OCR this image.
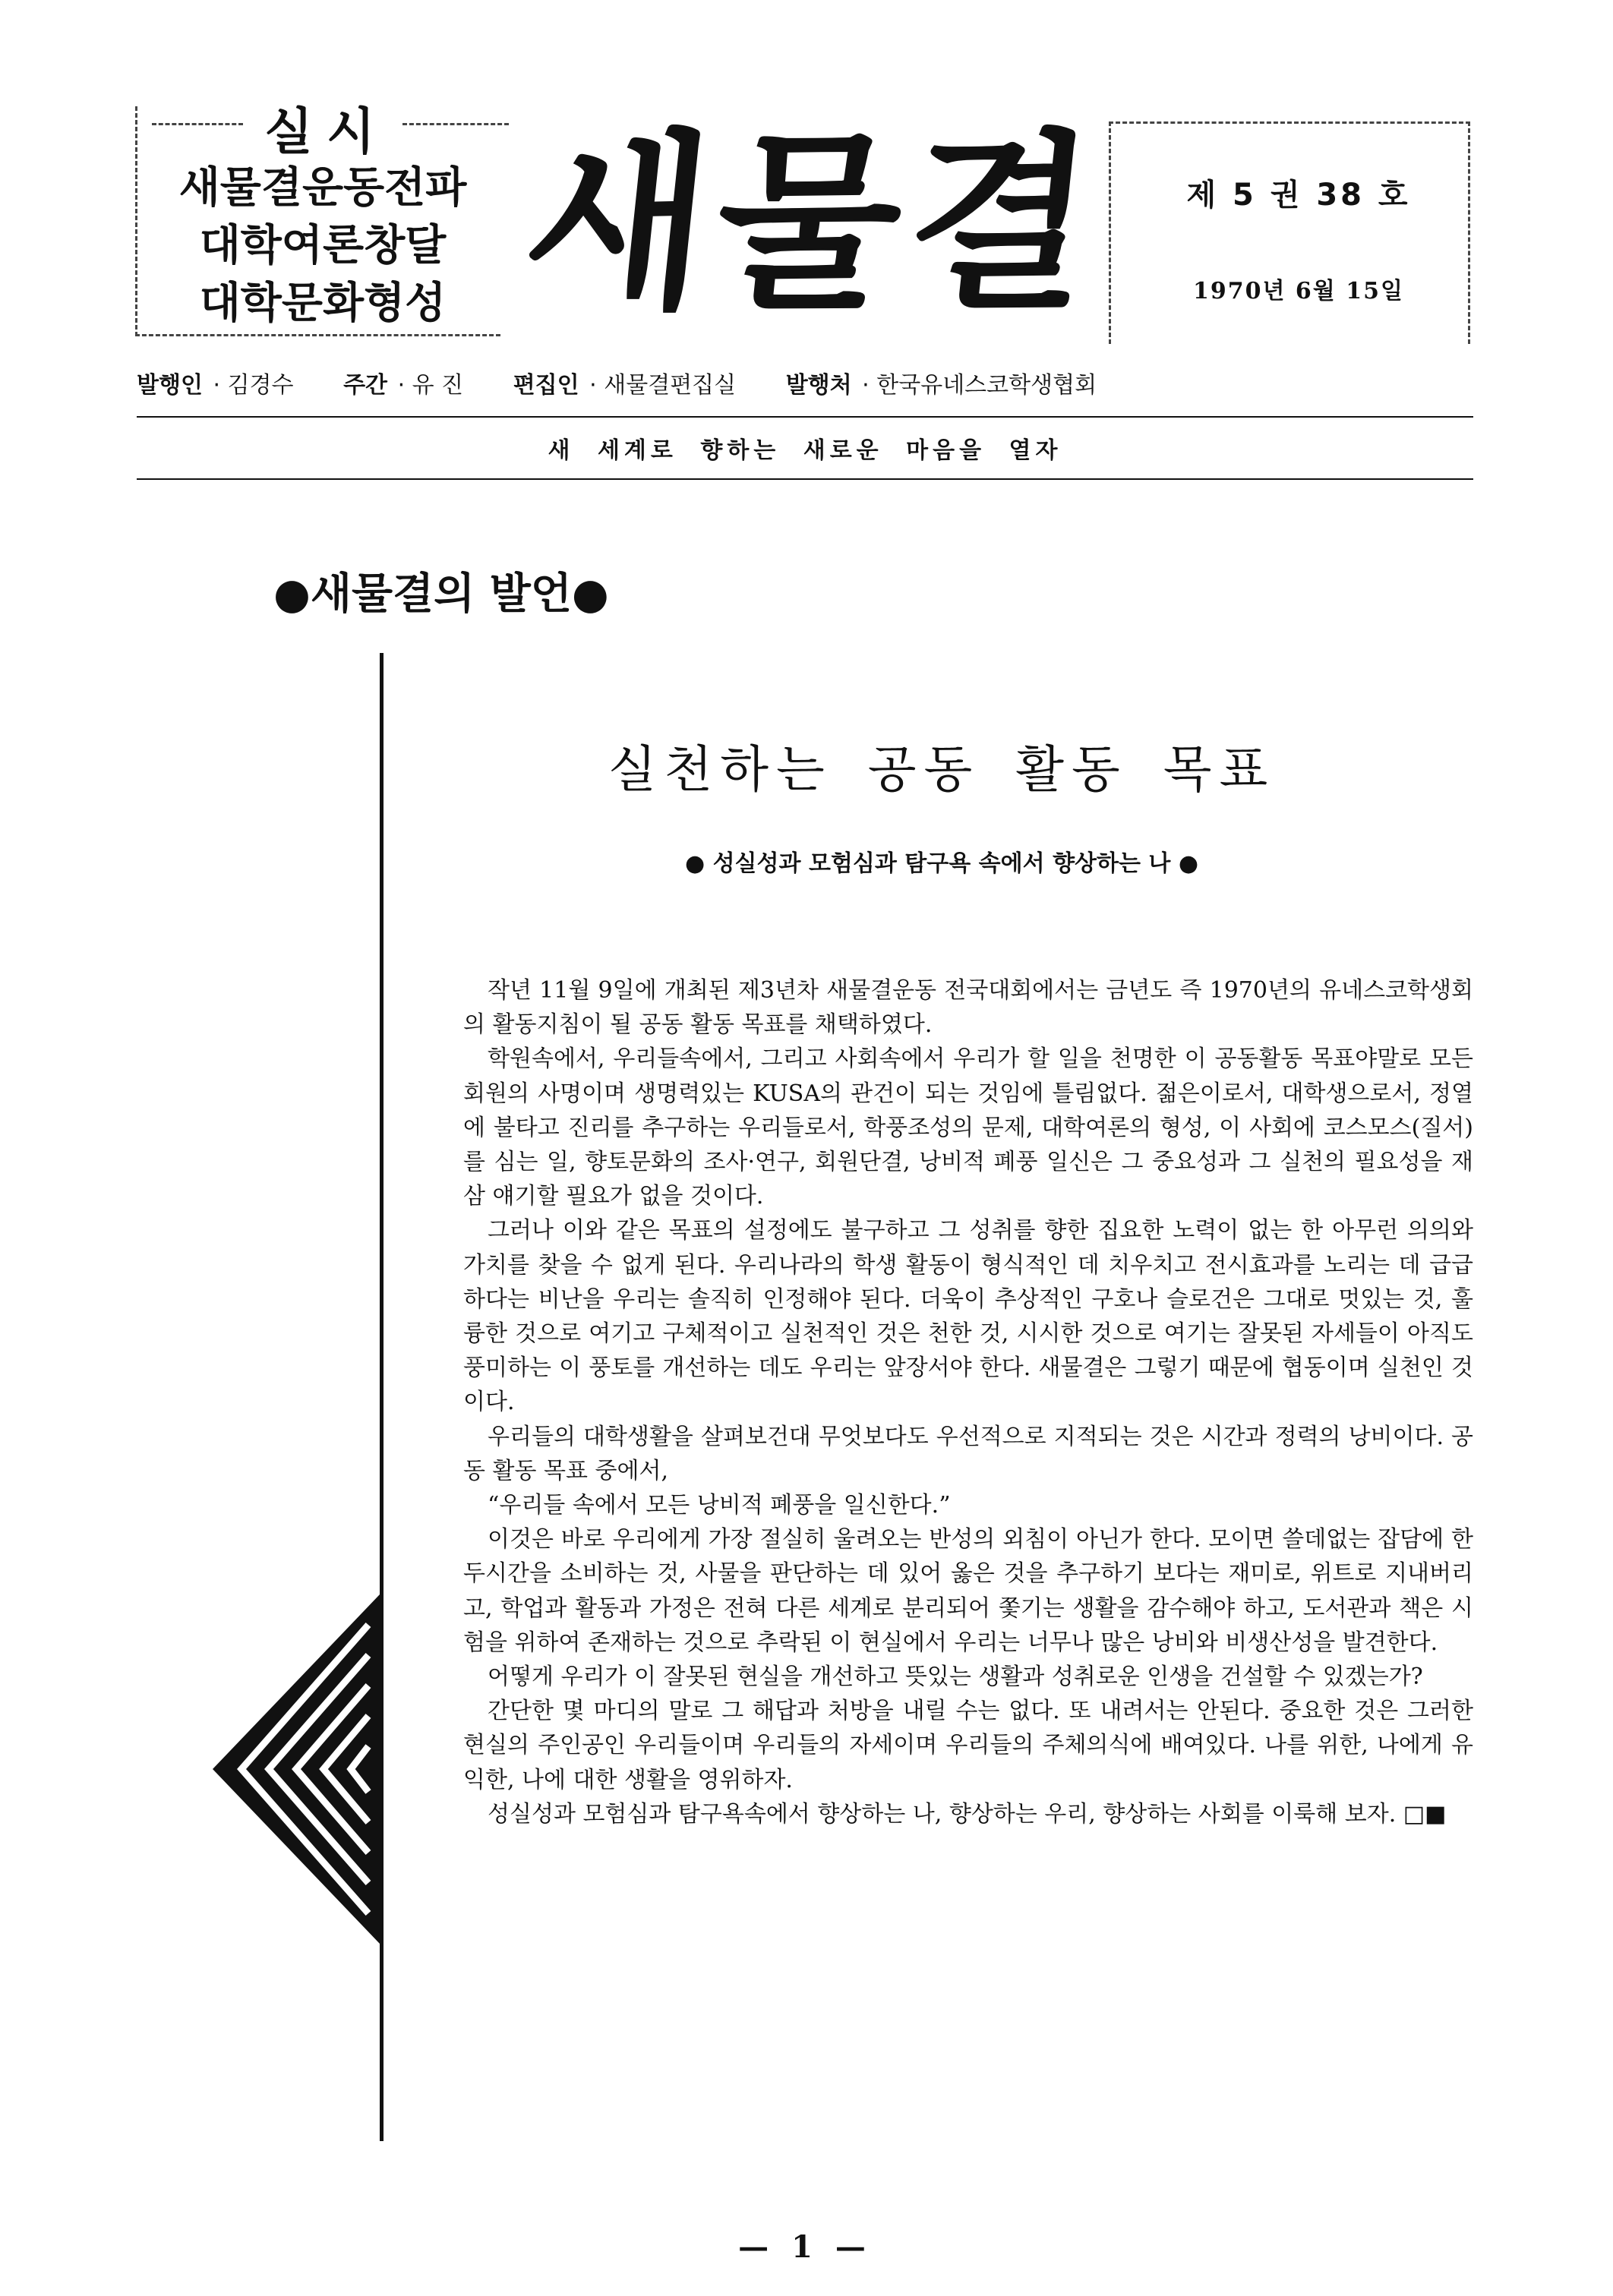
실시
새물결운동전파
대학여론창달
대학문화형성 새물결	제 5 권 38 호
1970년 6월 15일
발행인 · 김경수 주간 · 유 진 편집인 · 새물결편집실 발행처 · 한국유네스코학생협회
새 세계로 향하는 새로운 마음을 열자
●새물결의 발언●
실천하는 공동 활동 목표
● 성실성과 모험심과 탐구욕 속에서 향상하는 나 ●

작년 11월 9일에 개최된 제3년차 새물결운동 전국대회에서는 금년도 즉 1970년의 유네스코학생회의 활동지침이 될 공동 활동 목표를 채택하였다.

학원속에서, 우리들속에서, 그리고 사회속에서 우리가 할 일을 천명한 이 공동활동 목표야말로 모든 회원의 사명이며 생명력있는 KUSA의 관건이 되는 것임에 틀림없다. 젊은이로서, 대학생으로서, 정열에 불타고 진리를 추구하는 우리들로서, 학풍조성의 문제, 대학여론의 형성, 이 사회에 코스모스(질서)를 심는 일, 향토문화의 조사·연구, 회원단결, 낭비적 폐풍 일신은 그 중요성과 그 실천의 필요성을 재삼 얘기할 필요가 없을 것이다.

그러나 이와 같은 목표의 설정에도 불구하고 그 성취를 향한 집요한 노력이 없는 한 아무런 의의와 가치를 찾을 수 없게 된다. 우리나라의 학생 활동이 형식적인 데 치우치고 전시효과를 노리는 데 급급하다는 비난을 우리는 솔직히 인정해야 된다. 더욱이 추상적인 구호나 슬로건은 그대로 멋있는 것, 훌륭한 것으로 여기고 구체적이고 실천적인 것은 천한 것, 시시한 것으로 여기는 잘못된 자세들이 아직도 풍미하는 이 풍토를 개선하는 데도 우리는 앞장서야 한다. 새물결은 그렇기 때문에 협동이며 실천인 것이다.

우리들의 대학생활을 살펴보건대 무엇보다도 우선적으로 지적되는 것은 시간과 정력의 낭비이다. 공동 활동 목표 중에서,

“우리들 속에서 모든 낭비적 폐풍을 일신한다.”

이것은 바로 우리에게 가장 절실히 울려오는 반성의 외침이 아닌가 한다. 모이면 쓸데없는 잡담에 한두시간을 소비하는 것, 사물을 판단하는 데 있어 옳은 것을 추구하기 보다는 재미로, 위트로 지내버리고, 학업과 활동과 가정은 전혀 다른 세계로 분리되어 쫓기는 생활을 감수해야 하고, 도서관과 책은 시험을 위하여 존재하는 것으로 추락된 이 현실에서 우리는 너무나 많은 낭비와 비생산성을 발견한다.

어떻게 우리가 이 잘못된 현실을 개선하고 뜻있는 생활과 성취로운 인생을 건설할 수 있겠는가?

간단한 몇 마디의 말로 그 해답과 처방을 내릴 수는 없다. 또 내려서는 안된다. 중요한 것은 그러한 현실의 주인공인 우리들이며 우리들의 자세이며 우리들의 주체의식에 배여있다. 나를 위한, 나에게 유익한, 나에 대한 생활을 영위하자.

성실성과 모험심과 탐구욕속에서 향상하는 나, 향상하는 우리, 향상하는 사회를 이룩해 보자. □■

— 1 —
